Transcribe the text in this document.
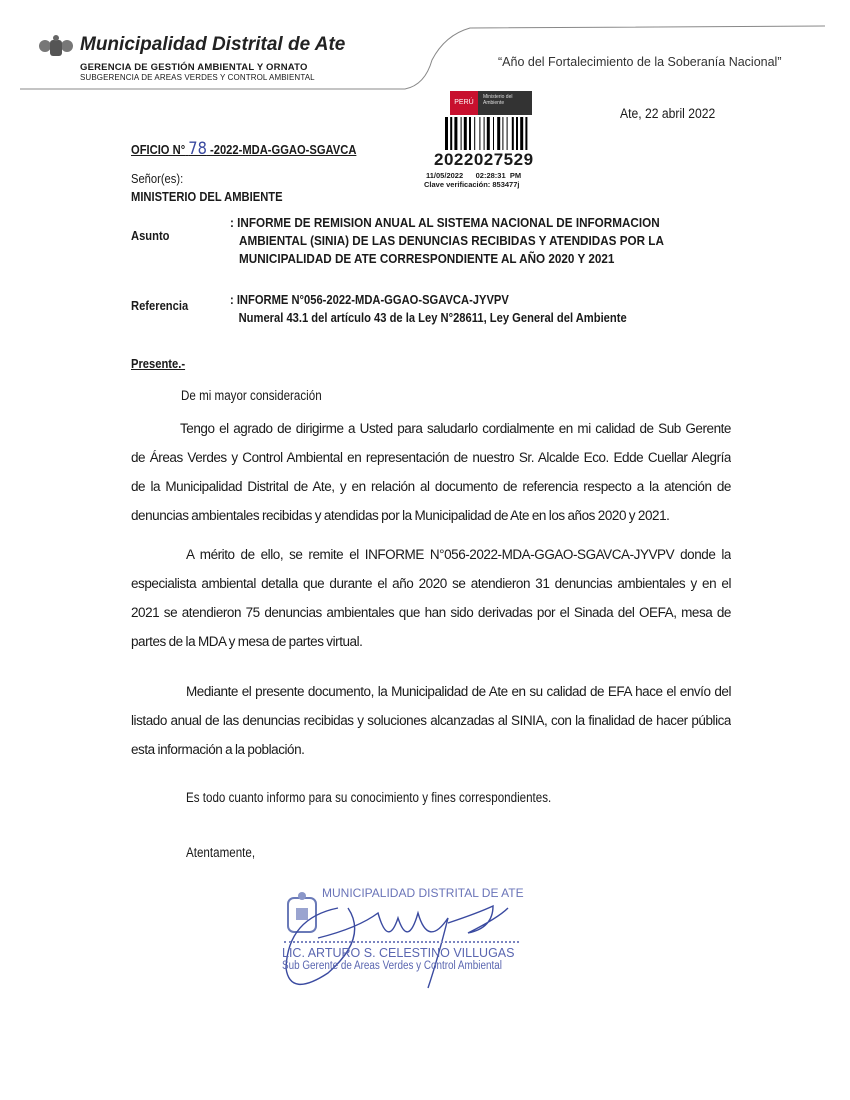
Municipalidad Distrital de Ate
GERENCIA DE GESTIÓN AMBIENTAL Y ORNATO
SUBGERENCIA DE AREAS VERDES Y CONTROL AMBIENTAL
“Año del Fortalecimiento de la Soberanía Nacional”
PERÚ
Ministerio del Ambiente
2022027529
11/05/2022      02:28:31  PM
Clave verificación: 853477j
Ate, 22 abril 2022
OFICIO N° 78 -2022-MDA-GGAO-SGAVCA
Señor(es):
MINISTERIO DEL AMBIENTE
Asunto
: INFORME DE REMISION ANUAL AL SISTEMA NACIONAL DE INFORMACION
AMBIENTAL (SINIA) DE LAS DENUNCIAS RECIBIDAS Y ATENDIDAS POR LA
MUNICIPALIDAD DE ATE CORRESPONDIENTE AL AÑO 2020 Y 2021
Referencia	: INFORME N°056-2022-MDA-GGAO-SGAVCA-JYVPV
Numeral 43.1 del artículo 43 de la Ley N°28611, Ley General del Ambiente
Presente.-
De mi mayor consideración
Tengo el agrado de dirigirme a Usted para saludarlo cordialmente en mi calidad de Sub Gerente
de Áreas Verdes y Control Ambiental en representación de nuestro Sr. Alcalde Eco. Edde Cuellar Alegría
de la Municipalidad Distrital de Ate, y en relación al documento de referencia respecto a la atención de
denuncias ambientales recibidas y atendidas por la Municipalidad de Ate en los años 2020 y 2021.
A mérito de ello, se remite el INFORME N°056-2022-MDA-GGAO-SGAVCA-JYVPV donde la
especialista ambiental detalla que durante el año 2020 se atendieron 31 denuncias ambientales y en el
2021 se atendieron 75 denuncias ambientales que han sido derivadas por el Sinada del OEFA, mesa de
partes de la MDA y mesa de partes virtual.
Mediante el presente documento, la Municipalidad de Ate en su calidad de EFA hace el envío del
listado anual de las denuncias recibidas y soluciones alcanzadas al SINIA, con la finalidad de hacer pública
esta información a la población.
Es todo cuanto informo para su conocimiento y fines correspondientes.
Atentamente,
MUNICIPALIDAD DISTRITAL DE ATE
LIC. ARTURO S. CELESTINO VILLUGAS
Sub Gerente de Areas Verdes y Control Ambiental
